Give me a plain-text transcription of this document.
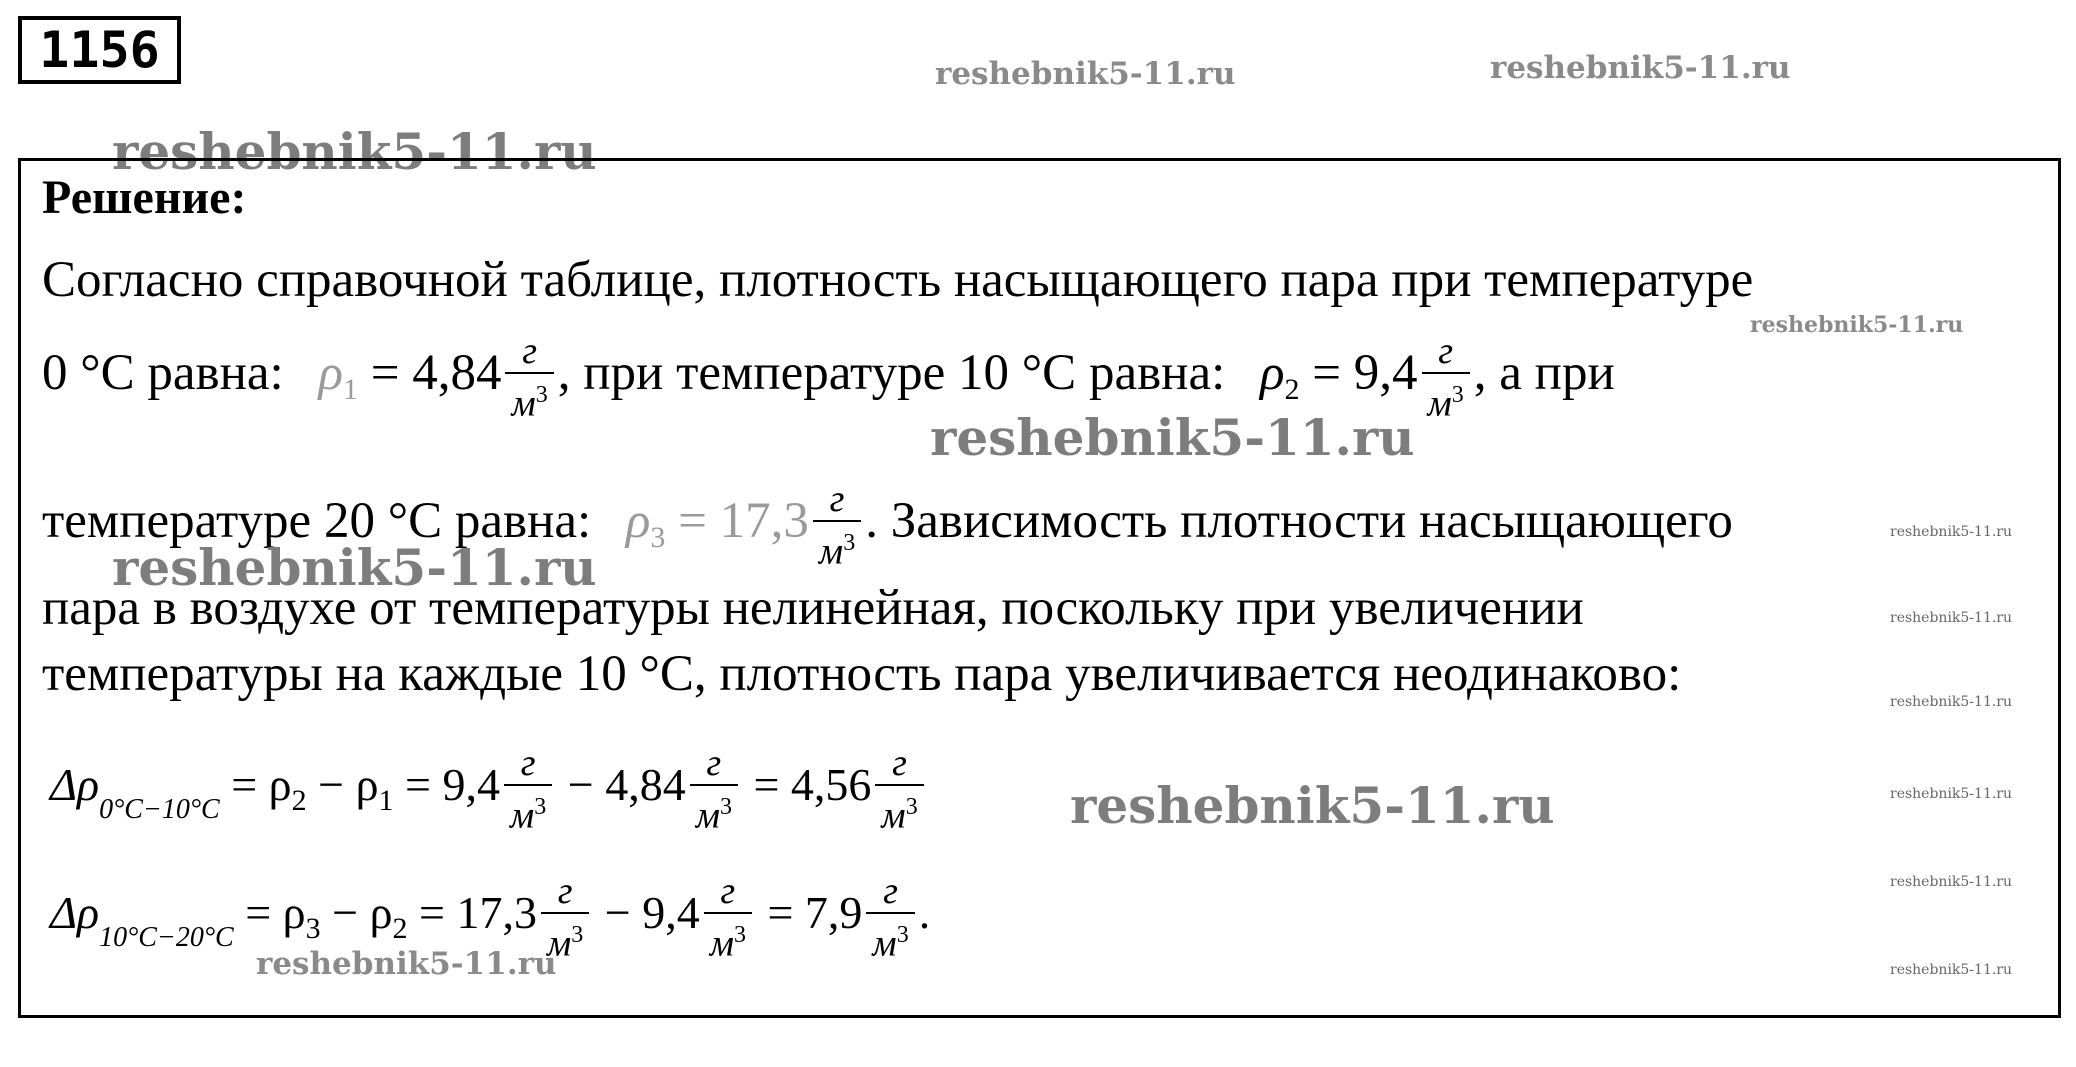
1156	reshebnik5-11.ru	reshebnik5-11.ru
reshebnik5-11.ru
Решение:
Согласно справочной таблице, плотность насыщающего пара при температуре
reshebnik5-11.ru
0 °C равна: $\rho_1 = 4,84 \frac{г}{м^3}$ , при температуре 10 °C равна: $\rho_2 = 9,4 \frac{г}{м^3}$ , а при
reshebnik5-11.ru
температуре 20 °C равна: $\rho_3 = 17,3 \frac{г}{м^3}$ . Зависимость плотности насыщающего	reshebnik5-11.ru
reshebnik5-11.ru
пара в воздухе от температуры нелинейная, поскольку при увеличении	reshebnik5-11.ru
температуры на каждые 10 °C, плотность пара увеличивается неодинаково:	reshebnik5-11.ru
$\Delta\rho_{0^\circ C-10^\circ C} = \rho_2 - \rho_1 = 9,4 \frac{г}{м^3} - 4,84 \frac{г}{м^3} = 4,56 \frac{г}{м^3}$	reshebnik5-11.ru	reshebnik5-11.ru
$\Delta\rho_{10^\circ C-20^\circ C} = \rho_3 - \rho_2 = 17,3 \frac{г}{м^3} - 9,4 \frac{г}{м^3} = 7,9 \frac{г}{м^3}$ .
reshebnik5-11.ru
reshebnik5-11.ru	reshebnik5-11.ru
